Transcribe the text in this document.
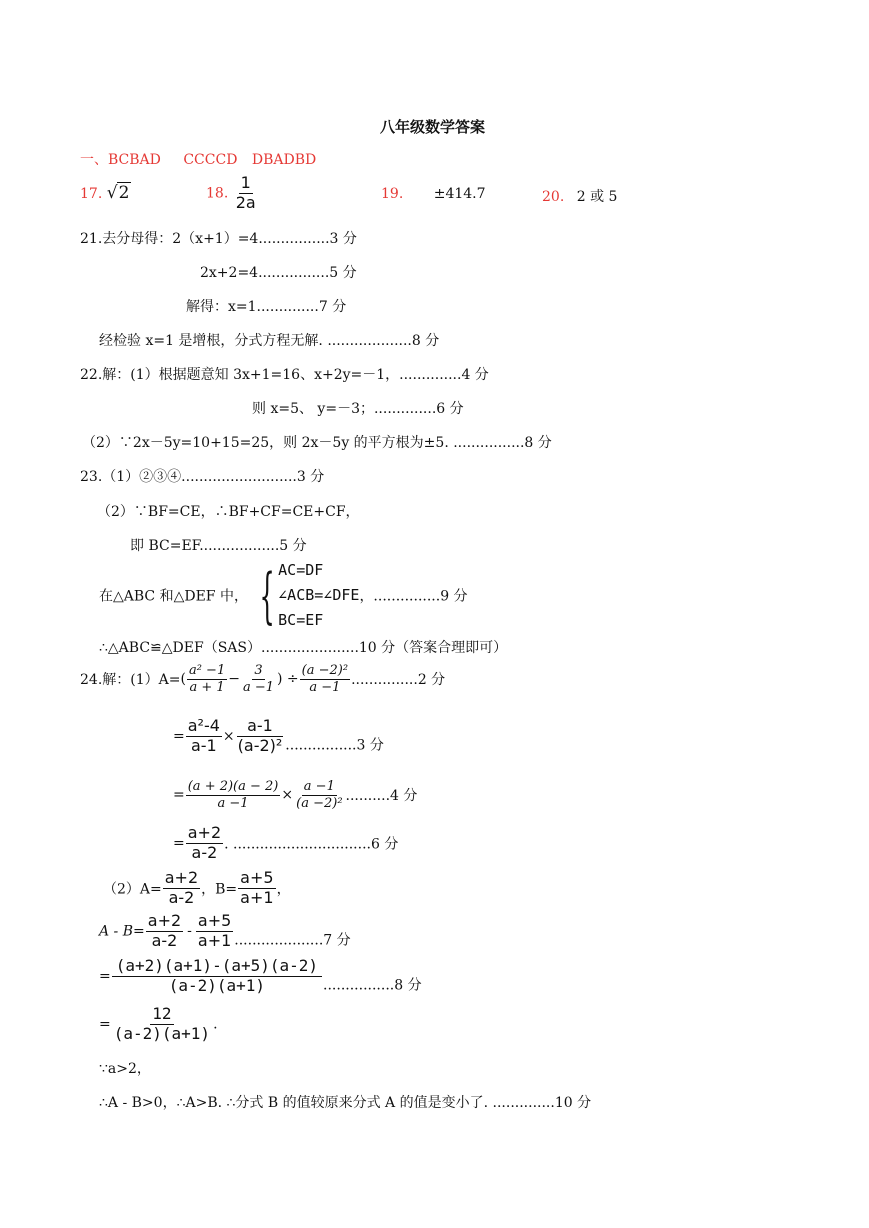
八年级数学答案
一、BCBAD CCCCD DBADBD
17. √ 2	18. $\frac{1}{2a}$	19. ±414.7	20. 2 或 5
21.去分母得：2（x+1）=4................3 分
2x+2=4................5 分
解得：x=1..............7 分
经检验 x=1 是增根，分式方程无解. ...................8 分
22.解：(1）根据题意知 3x+1=16、x+2y=－1，..............4 分
则 x=5、 y=－3；..............6 分
（2）∵2x－5y=10+15=25，则 2x－5y 的平方根为±5. ................8 分
23.（1）②③④..........................3 分
（2）∵BF=CE，∴BF+CF=CE+CF，
即 BC=EF..................5 分
在△ABC 和△DEF 中， { AC=DF
∠ACB=∠DFE
BC=EF
，...............9 分
∴△ABC≌△DEF（SAS）......................10 分（答案合理即可）
24.解：$(1)A=( \frac{\text{a² −1}}{a + 1} - \frac{3}{a -1}$ ) ÷ $\frac{\text{(a −2)²}}{a -1} ...............2$ 分
= $\frac{\text{a²-4}}{a-1} \times \frac{a-1}{\text{(a-2)²}} ................3$ 分
= $\frac{(a + 2)(a - 2)}{a -1} \times \frac{a -1}{\text{(a −2)²}} ..........4$ 分
= $\frac{a+2}{a-2}$ . ...............................6 分
$(2)A= \frac{a+2}{a-2}$ ，$B= \frac{a+5}{a+1}$ ，
$A - B= \frac{a+2}{a-2} - \frac{a+5}{a+1} ....................7$ 分
= $\frac{(a+2)(a+1)-(a+5)(a-2)}{(a-2)(a+1)} ................8$ 分
= $\frac{12}{(a-2)(a+1)}$ .
∵a>2，
∴A - B>0，∴A>B. ∴分式 B 的值较原来分式 A 的值是变小了. ..............10 分
